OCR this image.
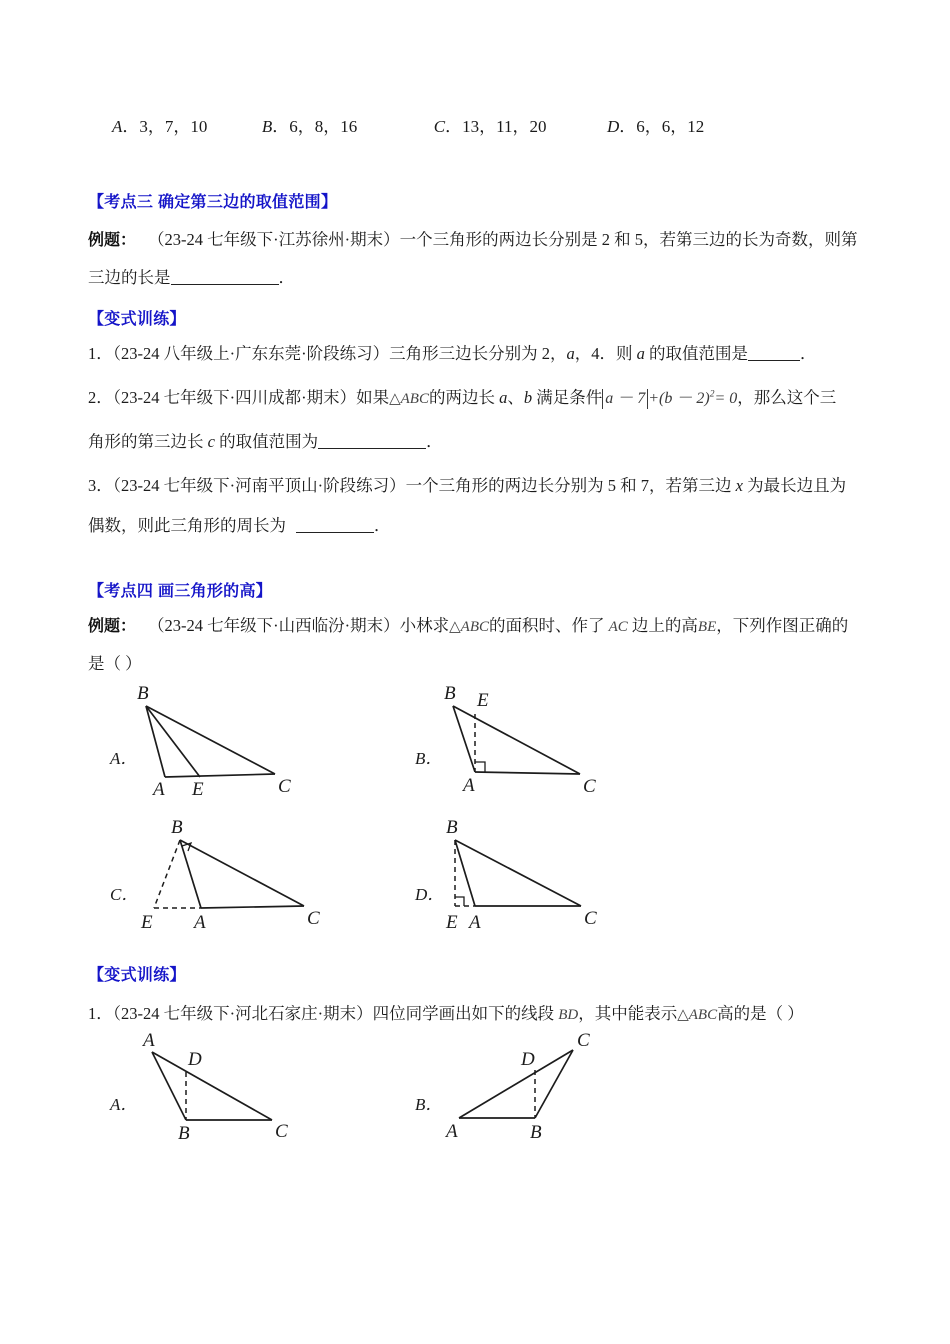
A．3，7，10	B．6，8，16	C．13，11，20	D．6，6，12
【考点三 确定第三边的取值范围】
例题： （23-24 七年级下·江苏徐州·期末）一个三角形的两边长分别是 2 和 5，若第三边的长为奇数，则第
三边的长是	．
【变式训练】
1．（23-24 八年级上·广东东莞·阶段练习）三角形三边长分别为 2，a，4．则 a 的取值范围是	．
2．（23-24 七年级下·四川成都·期末）如果△ABC的两边长 a、b 满足条件 $a - 7 +(b - 2)^2= 0$，那么这个三
角形的第三边长 c 的取值范围为	．
3．（23-24 七年级下·河南平顶山·阶段练习）一个三角形的两边长分别为 5 和 7，若第三边 x 为最长边且为
偶数，则此三角形的周长为	．
【考点四 画三角形的高】
例题： （23-24 七年级下·山西临汾·期末）小林求△ABC的面积时、作了 AC 边上的高BE，下列作图正确的
是（ ）
A．
B
A E	C
B．
B E
A	C
C．
B
E A	C
D．
B
E A	C
【变式训练】
1．（23-24 七年级下·河北石家庄·期末）四位同学画出如下的线段 BD，其中能表示△ABC高的是（ ）
A．
A
D
B	C
B．
A	B
C
D
